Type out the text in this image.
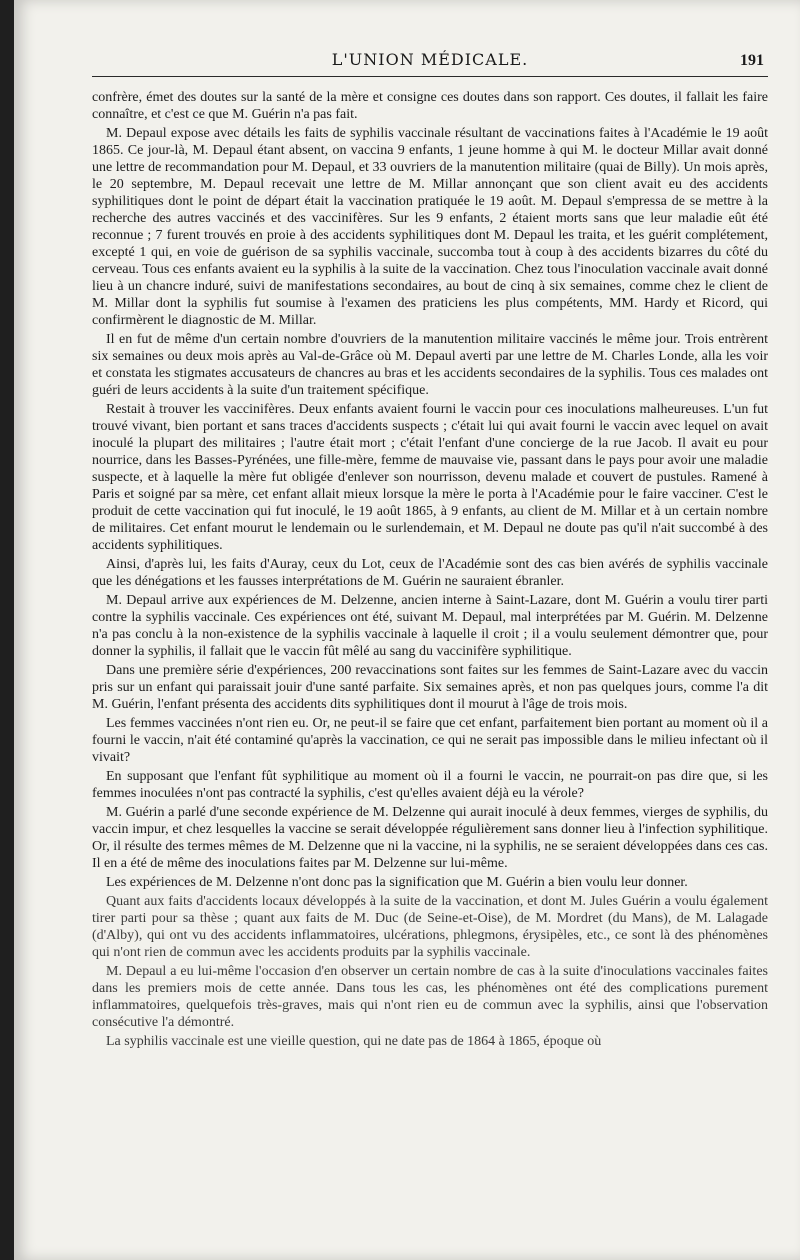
L'UNION MÉDICALE.	191

confrère, émet des doutes sur la santé de la mère et consigne ces doutes dans son rapport. Ces doutes, il fallait les faire connaître, et c'est ce que M. Guérin n'a pas fait.

M. Depaul expose avec détails les faits de syphilis vaccinale résultant de vaccinations faites à l'Académie le 19 août 1865. Ce jour-là, M. Depaul étant absent, on vaccina 9 enfants, 1 jeune homme à qui M. le docteur Millar avait donné une lettre de recommandation pour M. Depaul, et 33 ouvriers de la manutention militaire (quai de Billy). Un mois après, le 20 septembre, M. Depaul recevait une lettre de M. Millar annonçant que son client avait eu des accidents syphilitiques dont le point de départ était la vaccination pratiquée le 19 août. M. Depaul s'empressa de se mettre à la recherche des autres vaccinés et des vaccinifères. Sur les 9 enfants, 2 étaient morts sans que leur maladie eût été reconnue ; 7 furent trouvés en proie à des accidents syphilitiques dont M. Depaul les traita, et les guérit complétement, excepté 1 qui, en voie de guérison de sa syphilis vaccinale, succomba tout à coup à des accidents bizarres du côté du cerveau. Tous ces enfants avaient eu la syphilis à la suite de la vaccination. Chez tous l'inoculation vaccinale avait donné lieu à un chancre induré, suivi de manifestations secondaires, au bout de cinq à six semaines, comme chez le client de M. Millar dont la syphilis fut soumise à l'examen des praticiens les plus compétents, MM. Hardy et Ricord, qui confirmèrent le diagnostic de M. Millar.

Il en fut de même d'un certain nombre d'ouvriers de la manutention militaire vaccinés le même jour. Trois entrèrent six semaines ou deux mois après au Val-de-Grâce où M. Depaul averti par une lettre de M. Charles Londe, alla les voir et constata les stigmates accusateurs de chancres au bras et les accidents secondaires de la syphilis. Tous ces malades ont guéri de leurs accidents à la suite d'un traitement spécifique.

Restait à trouver les vaccinifères. Deux enfants avaient fourni le vaccin pour ces inoculations malheureuses. L'un fut trouvé vivant, bien portant et sans traces d'accidents suspects ; c'était lui qui avait fourni le vaccin avec lequel on avait inoculé la plupart des militaires ; l'autre était mort ; c'était l'enfant d'une concierge de la rue Jacob. Il avait eu pour nourrice, dans les Basses-Pyrénées, une fille-mère, femme de mauvaise vie, passant dans le pays pour avoir une maladie suspecte, et à laquelle la mère fut obligée d'enlever son nourrisson, devenu malade et couvert de pustules. Ramené à Paris et soigné par sa mère, cet enfant allait mieux lorsque la mère le porta à l'Académie pour le faire vacciner. C'est le produit de cette vaccination qui fut inoculé, le 19 août 1865, à 9 enfants, au client de M. Millar et à un certain nombre de militaires. Cet enfant mourut le lendemain ou le surlendemain, et M. Depaul ne doute pas qu'il n'ait succombé à des accidents syphilitiques.

Ainsi, d'après lui, les faits d'Auray, ceux du Lot, ceux de l'Académie sont des cas bien avérés de syphilis vaccinale que les dénégations et les fausses interprétations de M. Guérin ne sauraient ébranler.

M. Depaul arrive aux expériences de M. Delzenne, ancien interne à Saint-Lazare, dont M. Guérin a voulu tirer parti contre la syphilis vaccinale. Ces expériences ont été, suivant M. Depaul, mal interprétées par M. Guérin. M. Delzenne n'a pas conclu à la non-existence de la syphilis vaccinale à laquelle il croit ; il a voulu seulement démontrer que, pour donner la syphilis, il fallait que le vaccin fût mêlé au sang du vaccinifère syphilitique.

Dans une première série d'expériences, 200 revaccinations sont faites sur les femmes de Saint-Lazare avec du vaccin pris sur un enfant qui paraissait jouir d'une santé parfaite. Six semaines après, et non pas quelques jours, comme l'a dit M. Guérin, l'enfant présenta des accidents dits syphilitiques dont il mourut à l'âge de trois mois.

Les femmes vaccinées n'ont rien eu. Or, ne peut-il se faire que cet enfant, parfaitement bien portant au moment où il a fourni le vaccin, n'ait été contaminé qu'après la vaccination, ce qui ne serait pas impossible dans le milieu infectant où il vivait?

En supposant que l'enfant fût syphilitique au moment où il a fourni le vaccin, ne pourrait-on pas dire que, si les femmes inoculées n'ont pas contracté la syphilis, c'est qu'elles avaient déjà eu la vérole?

M. Guérin a parlé d'une seconde expérience de M. Delzenne qui aurait inoculé à deux femmes, vierges de syphilis, du vaccin impur, et chez lesquelles la vaccine se serait développée régulièrement sans donner lieu à l'infection syphilitique. Or, il résulte des termes mêmes de M. Delzenne que ni la vaccine, ni la syphilis, ne se seraient développées dans ces cas. Il en a été de même des inoculations faites par M. Delzenne sur lui-même.

Les expériences de M. Delzenne n'ont donc pas la signification que M. Guérin a bien voulu leur donner.

Quant aux faits d'accidents locaux développés à la suite de la vaccination, et dont M. Jules Guérin a voulu également tirer parti pour sa thèse ; quant aux faits de M. Duc (de Seine-et-Oise), de M. Mordret (du Mans), de M. Lalagade (d'Alby), qui ont vu des accidents inflammatoires, ulcérations, phlegmons, érysipèles, etc., ce sont là des phénomènes qui n'ont rien de commun avec les accidents produits par la syphilis vaccinale.

M. Depaul a eu lui-même l'occasion d'en observer un certain nombre de cas à la suite d'inoculations vaccinales faites dans les premiers mois de cette année. Dans tous les cas, les phénomènes ont été des complications purement inflammatoires, quelquefois très-graves, mais qui n'ont rien eu de commun avec la syphilis, ainsi que l'observation consécutive l'a démontré.

La syphilis vaccinale est une vieille question, qui ne date pas de 1864 à 1865, époque où
